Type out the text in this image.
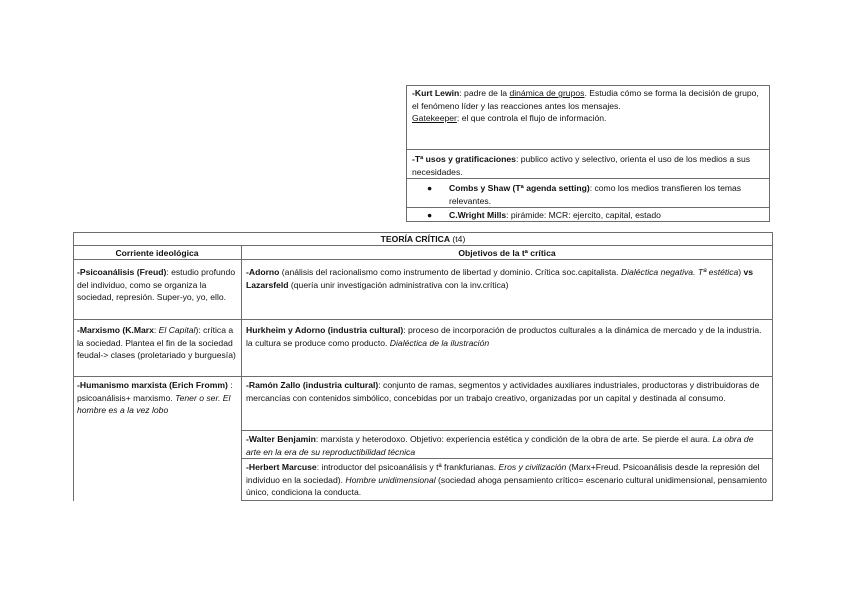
-Kurt Lewin: padre de la dinámica de grupos. Estudia cómo se forma la decisión de grupo, el fenómeno líder y las reacciones antes los mensajes.
Gatekeeper: el que controla el flujo de información.
-Tª usos y gratificaciones: publico activo y selectivo, orienta el uso de los medios a sus necesidades.
● Combs y Shaw (Tª agenda setting): como los medios transfieren los temas relevantes.
● C.Wright Mills: pirámide: MCR: ejercito, capital, estado
TEORÍA CRÍTICA (t4)
Corriente ideológica	Objetivos de la tª crítica
-Psicoanálisis (Freud): estudio profundo del individuo, como se organiza la sociedad, represión. Super-yo, yo, ello.
-Adorno (análisis del racionalismo como instrumento de libertad y dominio. Crítica soc.capitalista. Dialéctica negativa. Tª estética) vs Lazarsfeld (quería unir investigación administrativa con la inv.crítica)
-Marxismo (K.Marx: El Capital): crítica a la sociedad. Plantea el fin de la sociedad feudal-> clases (proletariado y burguesía)
Hurkheim y Adorno (industria cultural): proceso de incorporación de productos culturales a la dinámica de mercado y de la industria. la cultura se produce como producto. Dialéctica de la ilustración
-Humanismo marxista (Erich Fromm) : psicoanálisis+ marxismo. Tener o ser. El hombre es a la vez lobo
-Ramón Zallo (industria cultural): conjunto de ramas, segmentos y actividades auxiliares industriales, productoras y distribuidoras de mercancías con contenidos simbólico, concebidas por un trabajo creativo, organizadas por un capital y destinada al consumo.
-Walter Benjamin: marxista y heterodoxo. Objetivo: experiencia estética y condición de la obra de arte. Se pierde el aura. La obra de arte en la era de su reproductibilidad técnica
-Herbert Marcuse: introductor del psicoanálisis y tª frankfurianas. Eros y civilización (Marx+Freud. Psicoanálisis desde la represión del individuo en la sociedad). Hombre unidimensional (sociedad ahoga pensamiento crítico= escenario cultural unidimensional, pensamiento único, condiciona la conducta.
